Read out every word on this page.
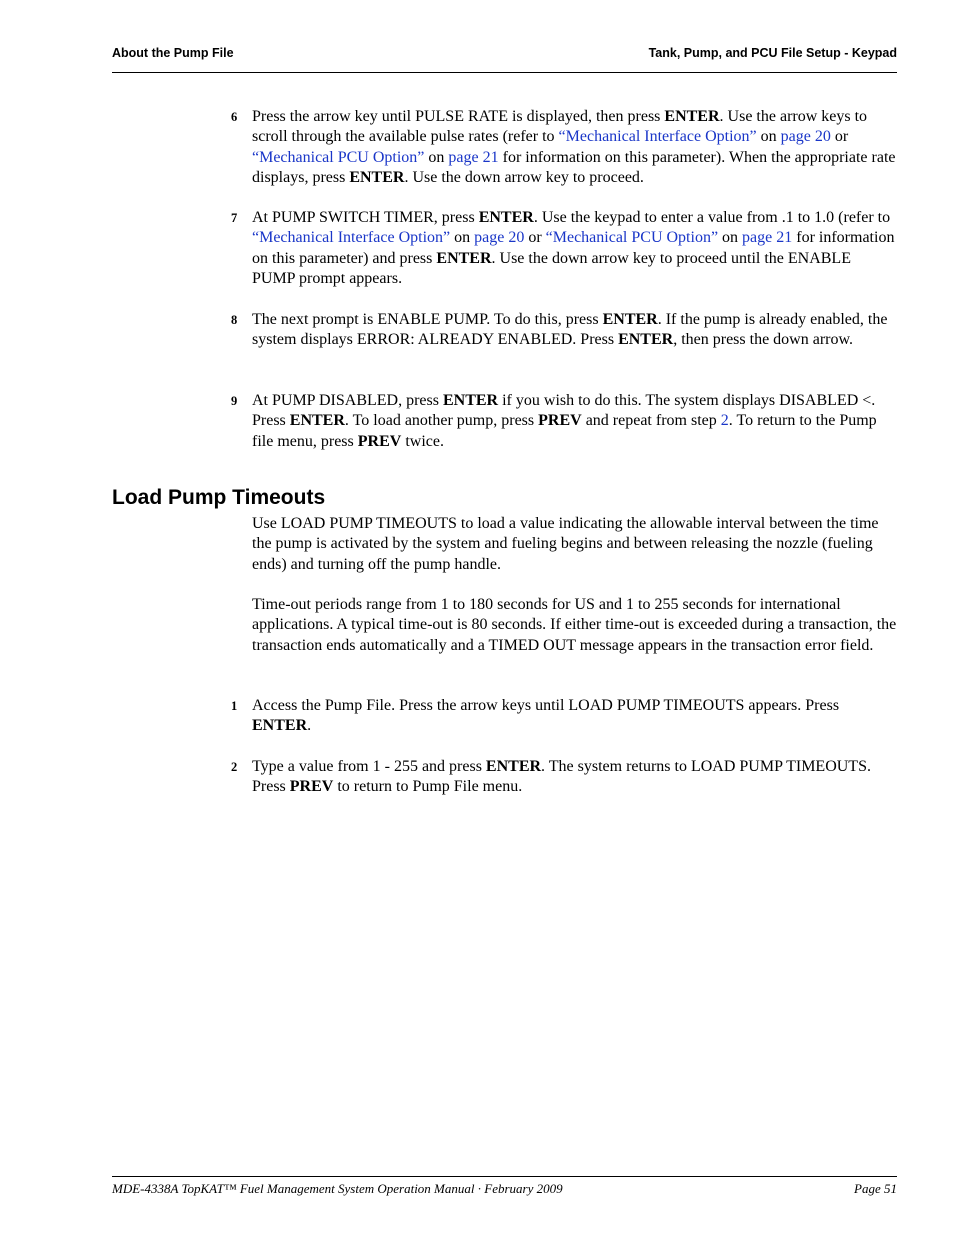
About the Pump File	Tank, Pump, and PCU File Setup - Keypad
6 Press the arrow key until PULSE RATE is displayed, then press ENTER. Use the arrow keys to scroll through the available pulse rates (refer to “Mechanical Interface Option” on page 20 or “Mechanical PCU Option” on page 21 for information on this parameter). When the appropriate rate displays, press ENTER. Use the down arrow key to proceed.
7 At PUMP SWITCH TIMER, press ENTER. Use the keypad to enter a value from .1 to 1.0 (refer to “Mechanical Interface Option” on page 20 or “Mechanical PCU Option” on page 21 for information on this parameter) and press ENTER. Use the down arrow key to proceed until the ENABLE PUMP prompt appears.
8 The next prompt is ENABLE PUMP. To do this, press ENTER. If the pump is already enabled, the system displays ERROR: ALREADY ENABLED. Press ENTER, then press the down arrow.
9 At PUMP DISABLED, press ENTER if you wish to do this. The system displays DISABLED <. Press ENTER. To load another pump, press PREV and repeat from step 2. To return to the Pump file menu, press PREV twice.
Load Pump Timeouts
Use LOAD PUMP TIMEOUTS to load a value indicating the allowable interval between the time the pump is activated by the system and fueling begins and between releasing the nozzle (fueling ends) and turning off the pump handle.
Time-out periods range from 1 to 180 seconds for US and 1 to 255 seconds for international applications. A typical time-out is 80 seconds. If either time-out is exceeded during a transaction, the transaction ends automatically and a TIMED OUT message appears in the transaction error field.
1 Access the Pump File. Press the arrow keys until LOAD PUMP TIMEOUTS appears. Press ENTER.
2 Type a value from 1 - 255 and press ENTER. The system returns to LOAD PUMP TIMEOUTS. Press PREV to return to Pump File menu.
MDE-4338A TopKAT™ Fuel Management System Operation Manual · February 2009	Page 51
